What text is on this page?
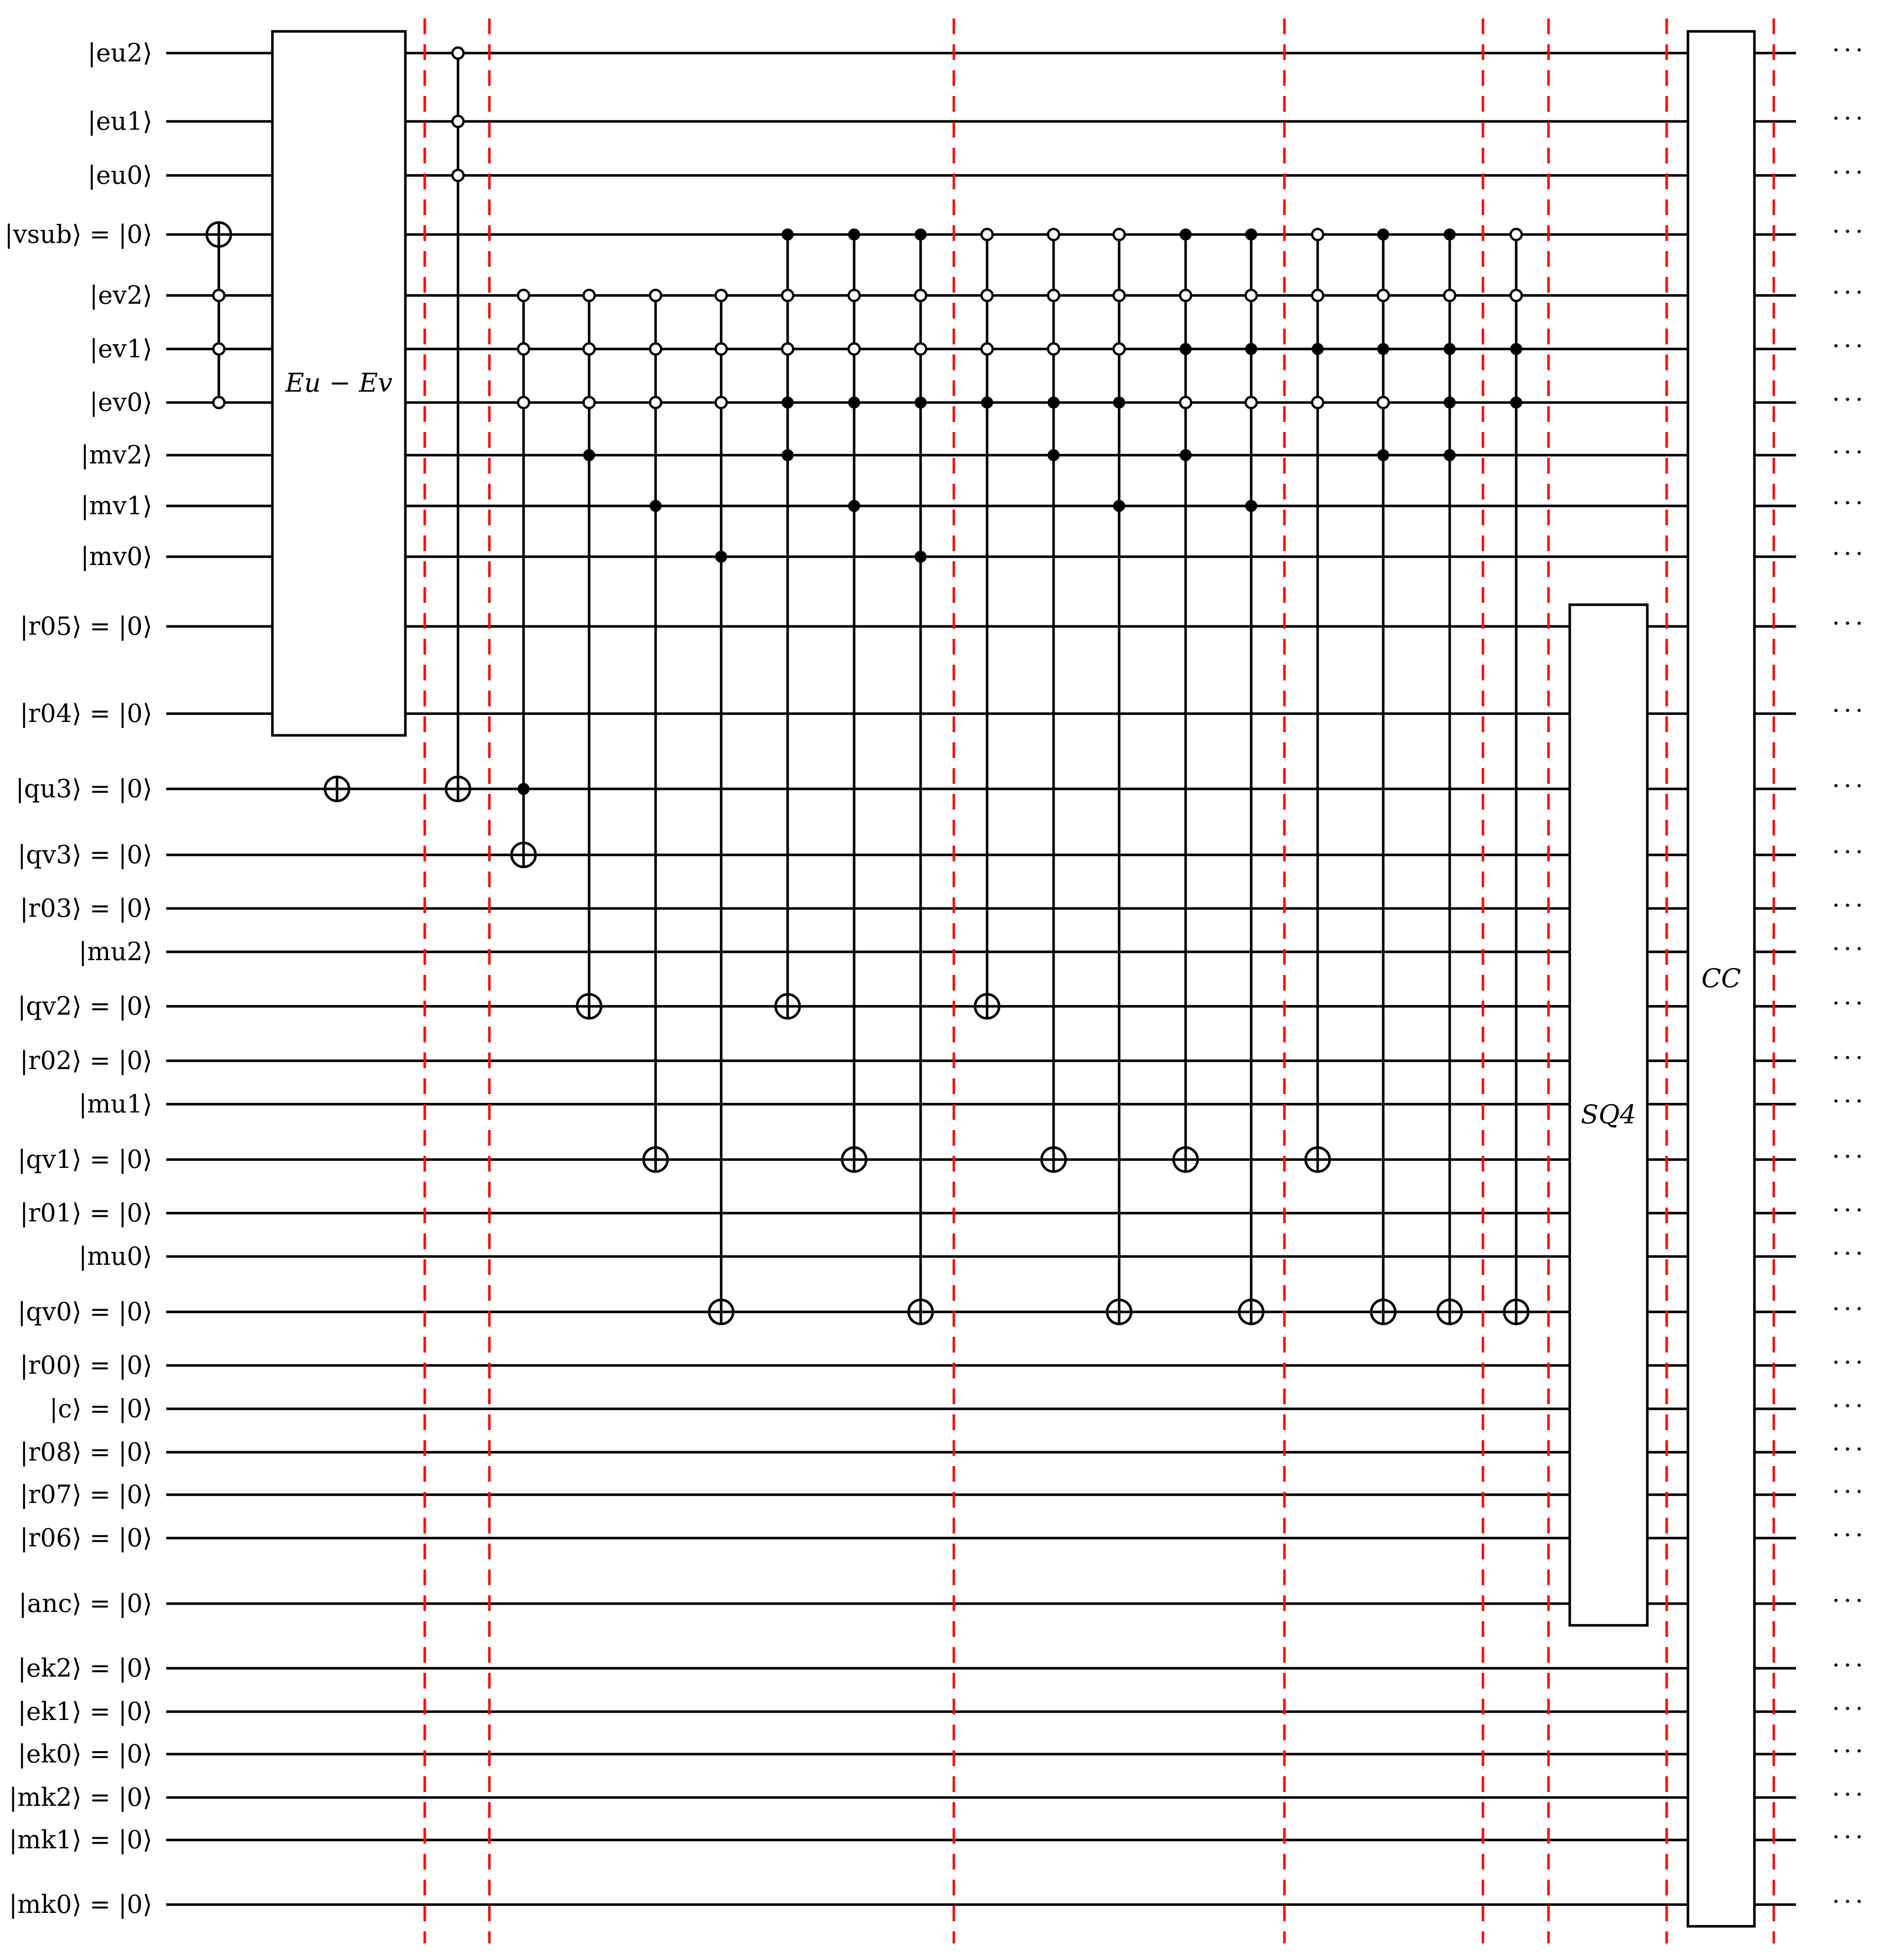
Eu − Ev
SQ4
CC
|eu2⟩
|eu1⟩
|eu0⟩
|vsub⟩ = |0⟩
|ev2⟩
|ev1⟩
|ev0⟩
|mv2⟩
|mv1⟩
|mv0⟩
|r05⟩ = |0⟩
|r04⟩ = |0⟩
|qu3⟩ = |0⟩
|qv3⟩ = |0⟩
|r03⟩ = |0⟩
|mu2⟩
|qv2⟩ = |0⟩
|r02⟩ = |0⟩
|mu1⟩
|qv1⟩ = |0⟩
|r01⟩ = |0⟩
|mu0⟩
|qv0⟩ = |0⟩
|r00⟩ = |0⟩
|c⟩ = |0⟩
|r08⟩ = |0⟩
|r07⟩ = |0⟩
|r06⟩ = |0⟩
|anc⟩ = |0⟩
|ek2⟩ = |0⟩
|ek1⟩ = |0⟩
|ek0⟩ = |0⟩
|mk2⟩ = |0⟩
|mk1⟩ = |0⟩
|mk0⟩ = |0⟩
···
···
···
···
···
···
···
···
···
···
···
···
···
···
···
···
···
···
···
···
···
···
···
···
···
···
···
···
···
···
···
···
···
···
···
